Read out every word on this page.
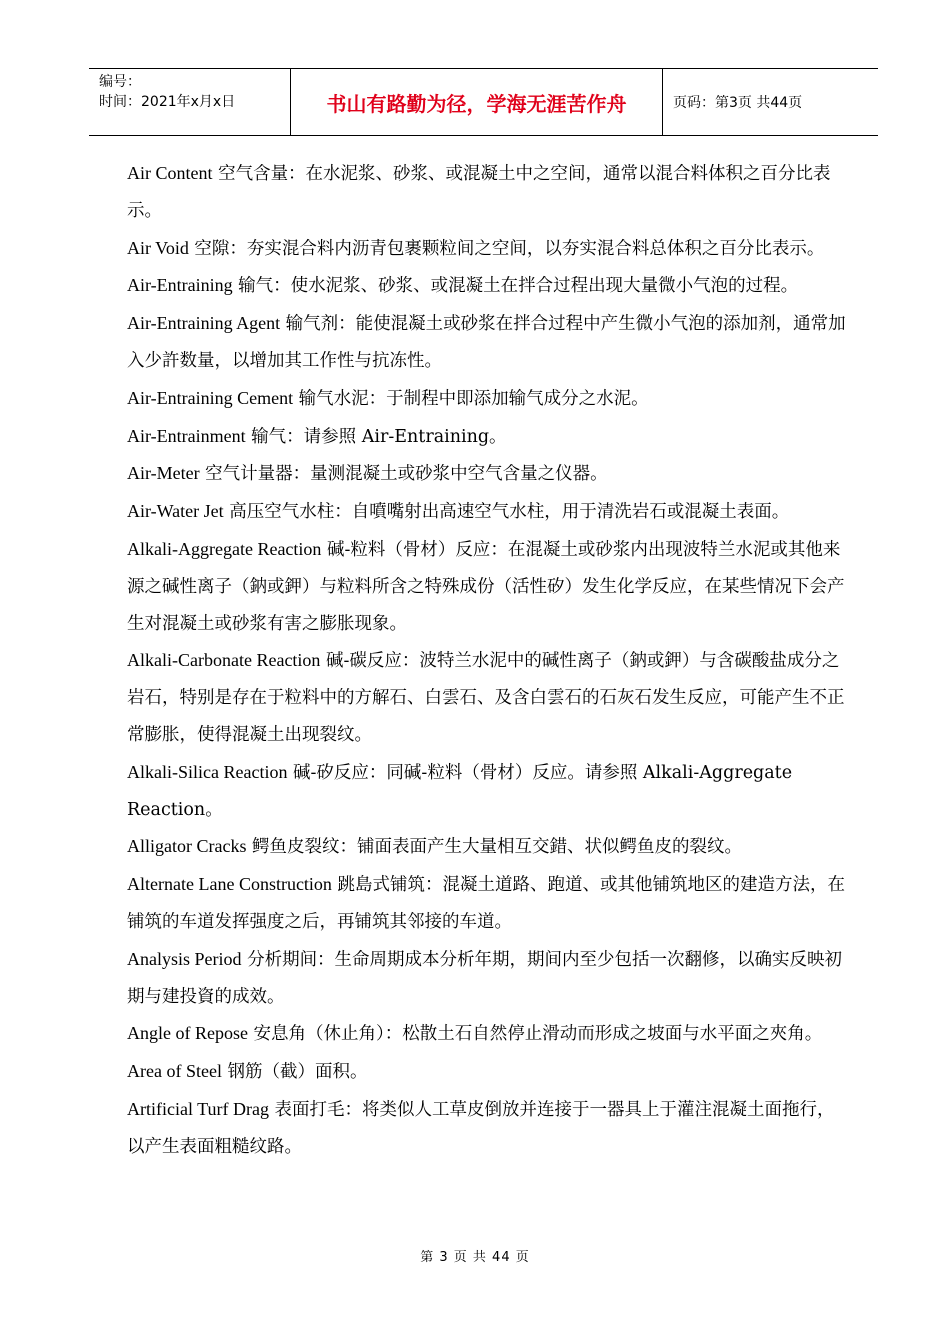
编号：
时间：2021年x月x日	书山有路勤为径，学海无涯苦作舟	页码：第3页 共44页

Air Content 空气含量：在水泥浆、砂浆、或混凝土中之空间，通常以混合料体积之百分比表示。

Air Void 空隙：夯实混合料内沥青包裹颗粒间之空间，以夯实混合料总体积之百分比表示。

Air-Entraining 输气：使水泥浆、砂浆、或混凝土在拌合过程出现大量微小气泡的过程。

Air-Entraining Agent 输气剂：能使混凝土或砂浆在拌合过程中产生微小气泡的添加剂，通常加入少許数量，以增加其工作性与抗冻性。

Air-Entraining Cement 输气水泥：于制程中即添加输气成分之水泥。

Air-Entrainment 输气：请参照 Air-Entraining。

Air-Meter 空气计量器：量测混凝土或砂浆中空气含量之仪器。

Air-Water Jet 高压空气水柱：自噴嘴射出高速空气水柱，用于清洗岩石或混凝土表面。

Alkali-Aggregate Reaction 碱-粒料（骨材）反应：在混凝土或砂浆内出现波特兰水泥或其他来源之碱性离子（鈉或鉀）与粒料所含之特殊成份（活性矽）发生化学反应，在某些情况下会产生对混凝土或砂浆有害之膨胀现象。

Alkali-Carbonate Reaction 碱-碳反应：波特兰水泥中的碱性离子（鈉或鉀）与含碳酸盐成分之岩石，特别是存在于粒料中的方解石、白雲石、及含白雲石的石灰石发生反应，可能产生不正常膨胀，使得混凝土出现裂纹。

Alkali-Silica Reaction 碱-矽反应：同碱-粒料（骨材）反应。请参照 Alkali-Aggregate Reaction。

Alligator Cracks 鳄鱼皮裂纹：铺面表面产生大量相互交錯、状似鳄鱼皮的裂纹。

Alternate Lane Construction 跳島式铺筑：混凝土道路、跑道、或其他铺筑地区的建造方法，在铺筑的车道发挥强度之后，再铺筑其邻接的车道。

Analysis Period 分析期间：生命周期成本分析年期，期间内至少包括一次翻修，以确实反映初期与建投資的成效。

Angle of Repose 安息角（休止角）：松散土石自然停止滑动而形成之坡面与水平面之夾角。

Area of Steel 钢筋（截）面积。

Artificial Turf Drag 表面打毛：将类似人工草皮倒放并连接于一器具上于灌注混凝土面拖行，以产生表面粗糙纹路。

第 3 页 共 44 页
